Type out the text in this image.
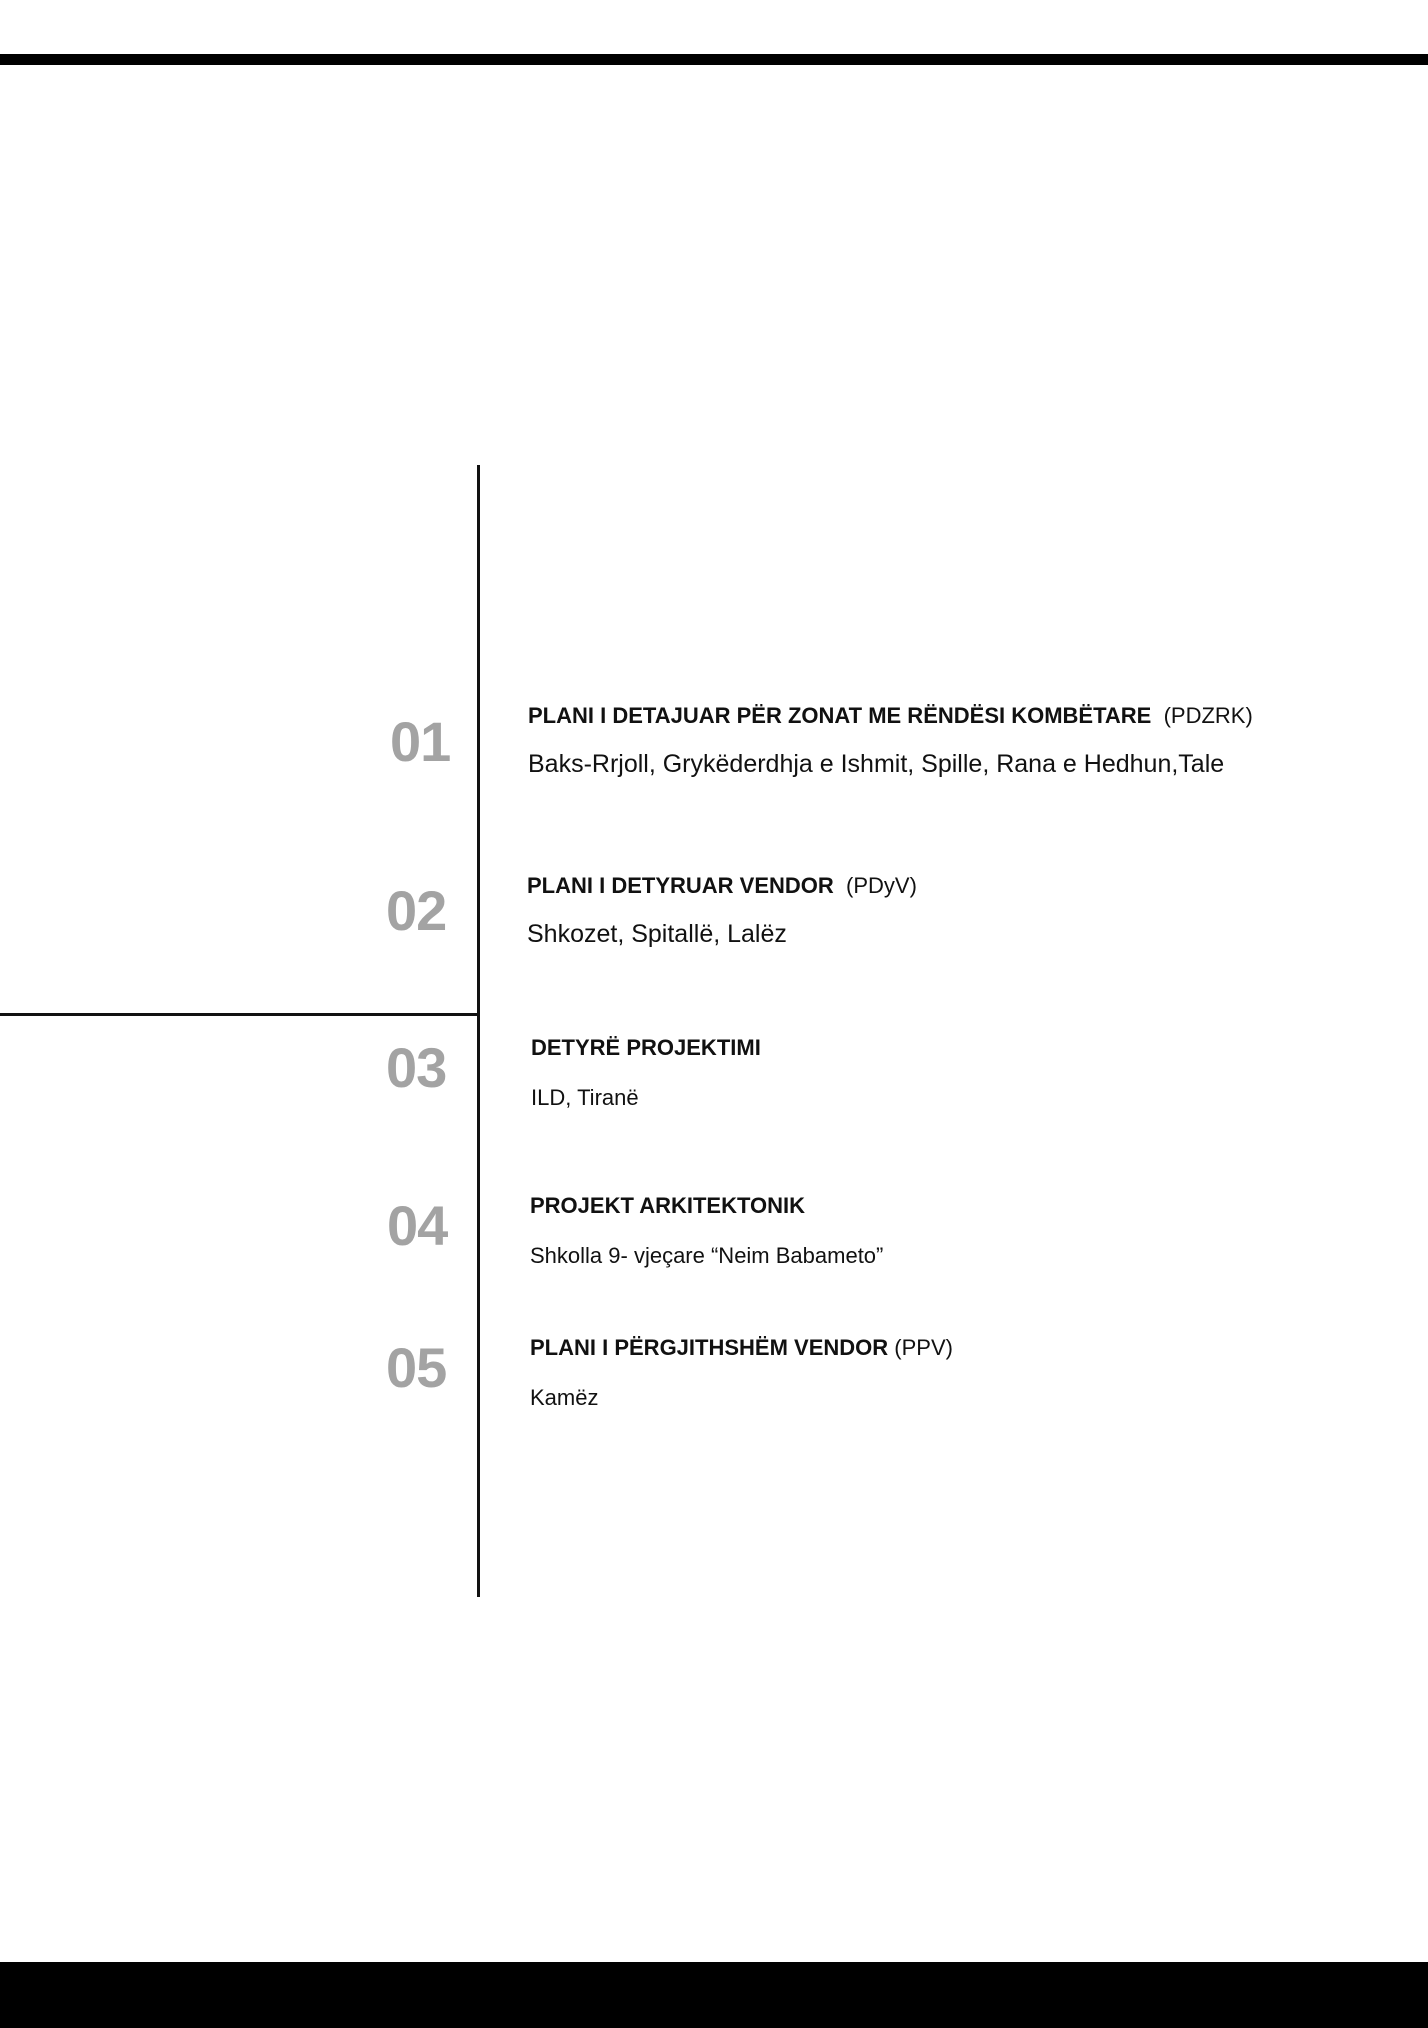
01	PLANI I DETAJUAR PËR ZONAT ME RËNDËSI KOMBËTARE (PDZRK)
Baks-Rrjoll, Grykëderdhja e Ishmit, Spille, Rana e Hedhun,Tale
02	PLANI I DETYRUAR VENDOR (PDyV)
Shkozet, Spitallë, Lalëz
03	DETYRË PROJEKTIMI
ILD, Tiranë
04	PROJEKT ARKITEKTONIK
Shkolla 9- vjeçare “Neim Babameto”
05	PLANI I PËRGJITHSHËM VENDOR (PPV)
Kamëz
